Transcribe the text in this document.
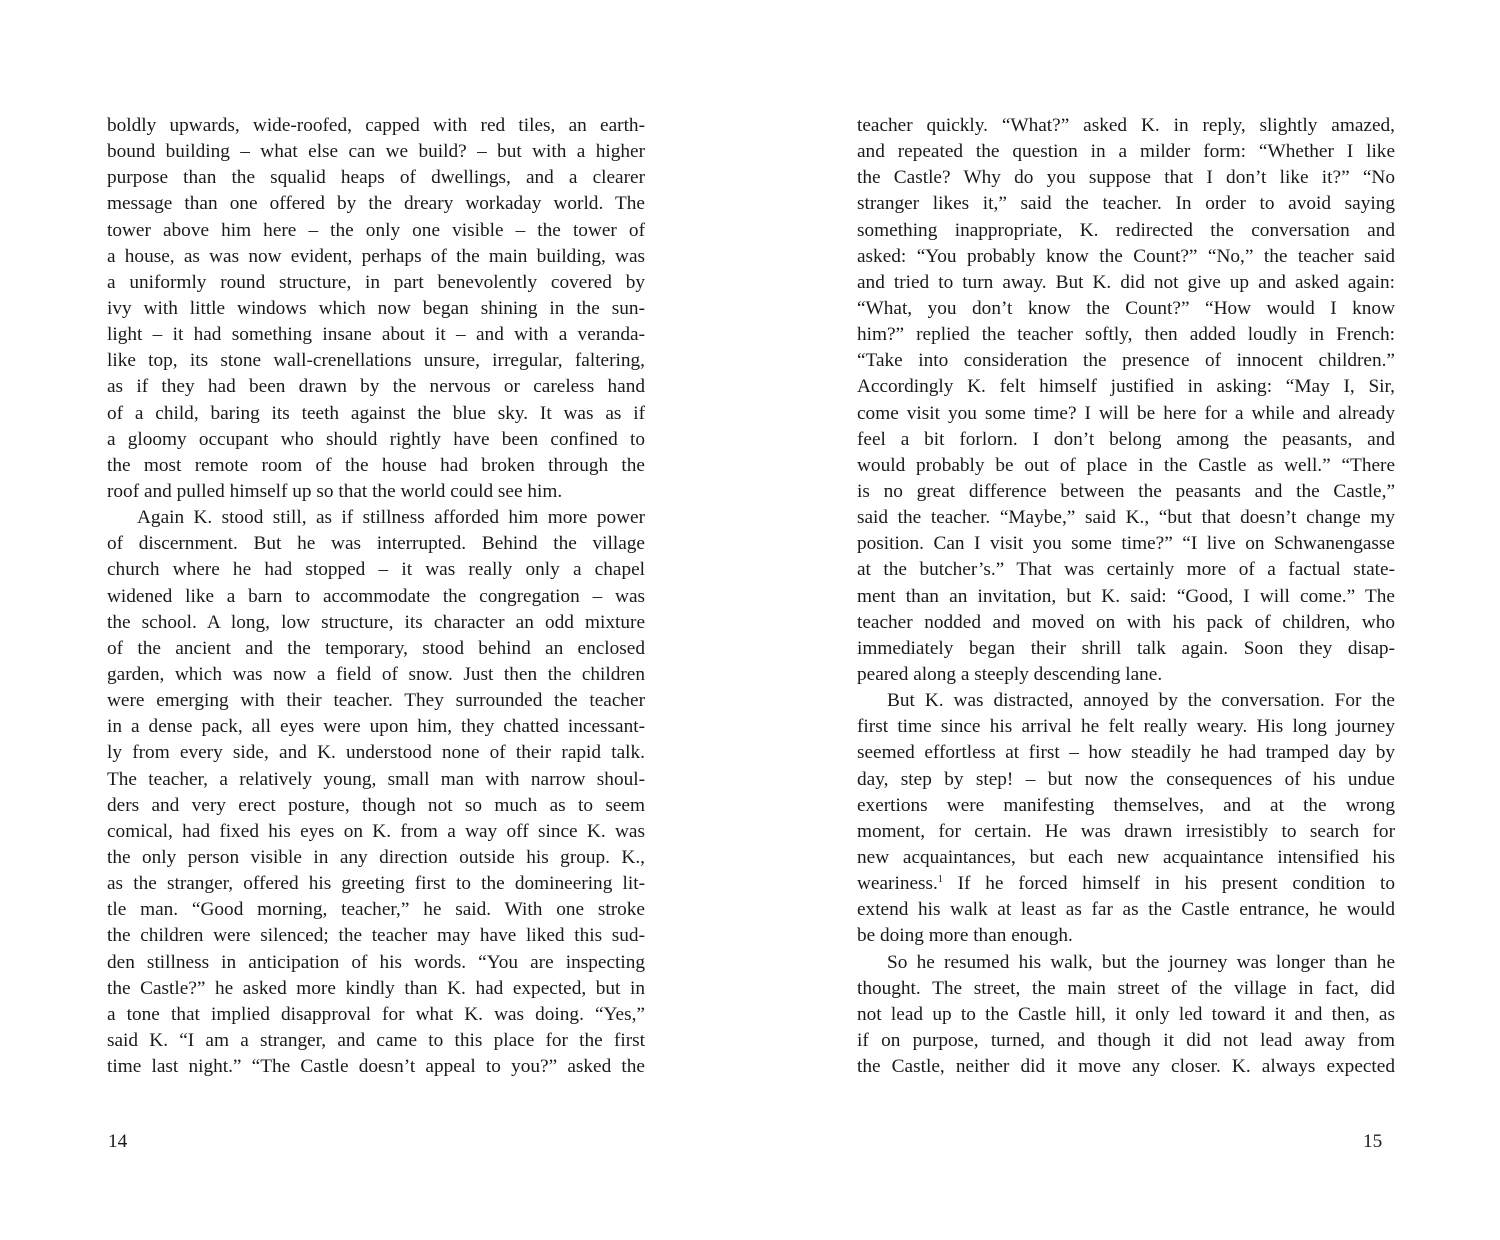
boldly upwards, wide-roofed, capped with red tiles, an earth-
bound building – what else can we build? – but with a higher
purpose than the squalid heaps of dwellings, and a clearer
message than one offered by the dreary workaday world. The
tower above him here – the only one visible – the tower of
a house, as was now evident, perhaps of the main building, was
a uniformly round structure, in part benevolently covered by
ivy with little windows which now began shining in the sun-
light – it had something insane about it – and with a veranda-
like top, its stone wall-crenellations unsure, irregular, faltering,
as if they had been drawn by the nervous or careless hand
of a child, baring its teeth against the blue sky. It was as if
a gloomy occupant who should rightly have been confined to
the most remote room of the house had broken through the
roof and pulled himself up so that the world could see him.
Again K. stood still, as if stillness afforded him more power
of discernment. But he was interrupted. Behind the village
church where he had stopped – it was really only a chapel
widened like a barn to accommodate the congregation – was
the school. A long, low structure, its character an odd mixture
of the ancient and the temporary, stood behind an enclosed
garden, which was now a field of snow. Just then the children
were emerging with their teacher. They surrounded the teacher
in a dense pack, all eyes were upon him, they chatted incessant-
ly from every side, and K. understood none of their rapid talk.
The teacher, a relatively young, small man with narrow shoul-
ders and very erect posture, though not so much as to seem
comical, had fixed his eyes on K. from a way off since K. was
the only person visible in any direction outside his group. K.,
as the stranger, offered his greeting first to the domineering lit-
tle man. “Good morning, teacher,” he said. With one stroke
the children were silenced; the teacher may have liked this sud-
den stillness in anticipation of his words. “You are inspecting
the Castle?” he asked more kindly than K. had expected, but in
a tone that implied disapproval for what K. was doing. “Yes,”
said K. “I am a stranger, and came to this place for the first
time last night.” “The Castle doesn’t appeal to you?” asked the
teacher quickly. “What?” asked K. in reply, slightly amazed,
and repeated the question in a milder form: “Whether I like
the Castle? Why do you suppose that I don’t like it?” “No
stranger likes it,” said the teacher. In order to avoid saying
something inappropriate, K. redirected the conversation and
asked: “You probably know the Count?” “No,” the teacher said
and tried to turn away. But K. did not give up and asked again:
“What, you don’t know the Count?” “How would I know
him?” replied the teacher softly, then added loudly in French:
“Take into consideration the presence of innocent children.”
Accordingly K. felt himself justified in asking: “May I, Sir,
come visit you some time? I will be here for a while and already
feel a bit forlorn. I don’t belong among the peasants, and
would probably be out of place in the Castle as well.” “There
is no great difference between the peasants and the Castle,”
said the teacher. “Maybe,” said K., “but that doesn’t change my
position. Can I visit you some time?” “I live on Schwanengasse
at the butcher’s.” That was certainly more of a factual state-
ment than an invitation, but K. said: “Good, I will come.” The
teacher nodded and moved on with his pack of children, who
immediately began their shrill talk again. Soon they disap-
peared along a steeply descending lane.
But K. was distracted, annoyed by the conversation. For the
first time since his arrival he felt really weary. His long journey
seemed effortless at first – how steadily he had tramped day by
day, step by step! – but now the consequences of his undue
exertions were manifesting themselves, and at the wrong
moment, for certain. He was drawn irresistibly to search for
new acquaintances, but each new acquaintance intensified his
weariness.$^1$ If he forced himself in his present condition to
extend his walk at least as far as the Castle entrance, he would
be doing more than enough.
So he resumed his walk, but the journey was longer than he
thought. The street, the main street of the village in fact, did
not lead up to the Castle hill, it only led toward it and then, as
if on purpose, turned, and though it did not lead away from
the Castle, neither did it move any closer. K. always expected
14	15
